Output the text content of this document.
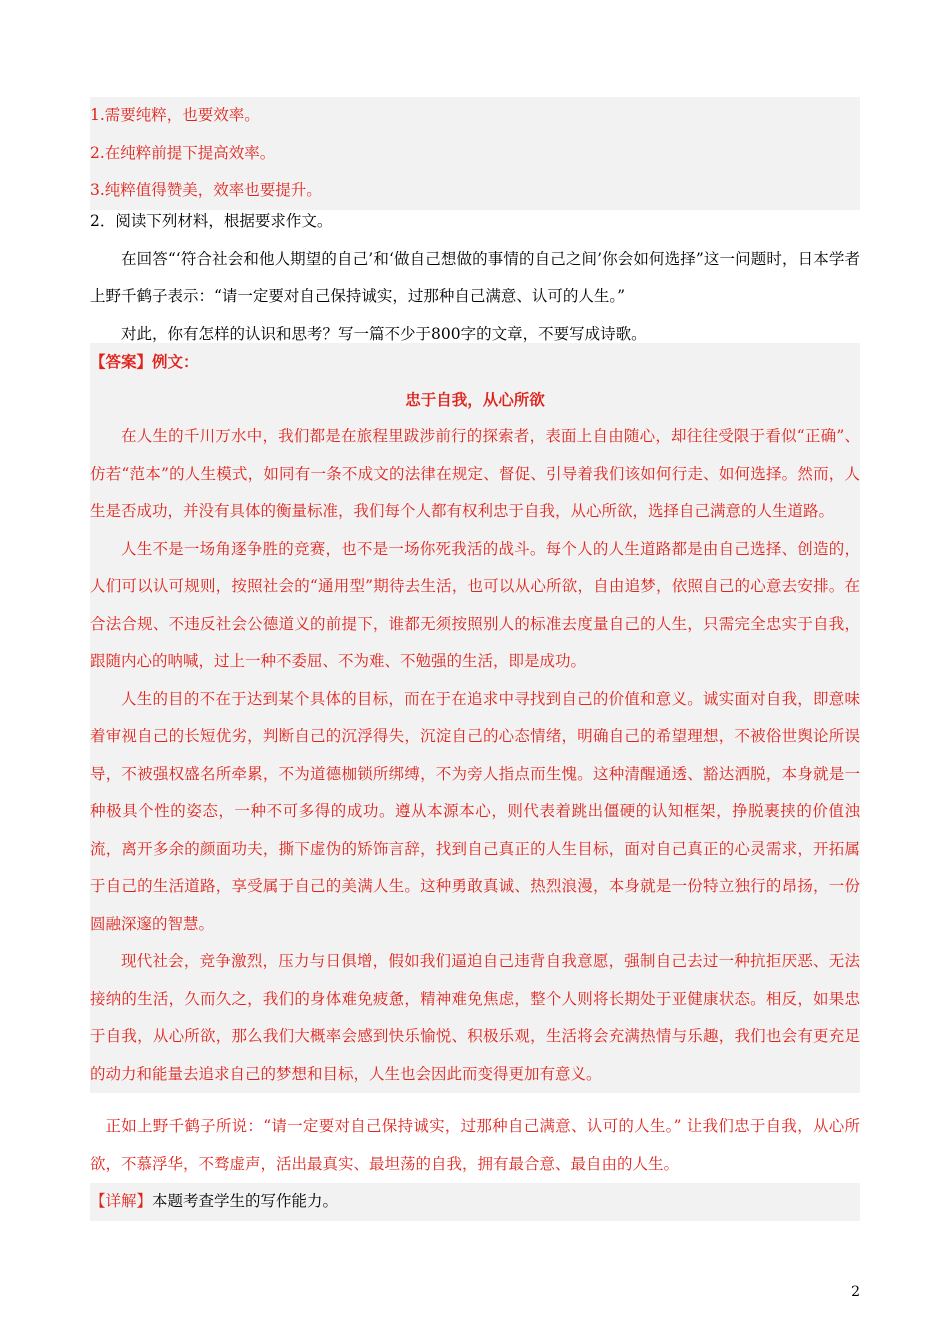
1.需要纯粹，也要效率。
2.在纯粹前提下提高效率。
3.纯粹值得赞美，效率也要提升。
2．阅读下列材料，根据要求作文。

在回答“‘符合社会和他人期望的自己’和‘做自己想做的事情的自己之间’你会如何选择”这一问题时，日本学者上野千鹤子表示：“请一定要对自己保持诚实，过那种自己满意、认可的人生。”

对此，你有怎样的认识和思考？写一篇不少于800字的文章，不要写成诗歌。

【答案】例文：
忠于自我，从心所欲

在人生的千川万水中，我们都是在旅程里跋涉前行的探索者，表面上自由随心，却往往受限于看似“正确”、仿若“范本”的人生模式，如同有一条不成文的法律在规定、督促、引导着我们该如何行走、如何选择。然而，人生是否成功，并没有具体的衡量标准，我们每个人都有权利忠于自我，从心所欲，选择自己满意的人生道路。

人生不是一场角逐争胜的竞赛，也不是一场你死我活的战斗。每个人的人生道路都是由自己选择、创造的，人们可以认可规则，按照社会的“通用型”期待去生活，也可以从心所欲，自由追梦，依照自己的心意去安排。在合法合规、不违反社会公德道义的前提下，谁都无须按照别人的标准去度量自己的人生，只需完全忠实于自我，跟随内心的呐喊，过上一种不委屈、不为难、不勉强的生活，即是成功。

人生的目的不在于达到某个具体的目标，而在于在追求中寻找到自己的价值和意义。诚实面对自我，即意味着审视自己的长短优劣，判断自己的沉浮得失，沉淀自己的心态情绪，明确自己的希望理想，不被俗世舆论所误导，不被强权盛名所牵累，不为道德枷锁所绑缚，不为旁人指点而生愧。这种清醒通透、豁达洒脱，本身就是一种极具个性的姿态，一种不可多得的成功。遵从本源本心，则代表着跳出僵硬的认知框架，挣脱裹挟的价值浊流，离开多余的颜面功夫，撕下虚伪的矫饰言辞，找到自己真正的人生目标，面对自己真正的心灵需求，开拓属于自己的生活道路，享受属于自己的美满人生。这种勇敢真诚、热烈浪漫，本身就是一份特立独行的昂扬，一份圆融深邃的智慧。

现代社会，竞争激烈，压力与日俱增，假如我们逼迫自己违背自我意愿，强制自己去过一种抗拒厌恶、无法接纳的生活，久而久之，我们的身体难免疲惫，精神难免焦虑，整个人则将长期处于亚健康状态。相反，如果忠于自我，从心所欲，那么我们大概率会感到快乐愉悦、积极乐观，生活将会充满热情与乐趣，我们也会有更充足的动力和能量去追求自己的梦想和目标，人生也会因此而变得更加有意义。

正如上野千鹤子所说：“请一定要对自己保持诚实，过那种自己满意、认可的人生。” 让我们忠于自我，从心所欲，不慕浮华，不骛虚声，活出最真实、最坦荡的自我，拥有最合意、最自由的人生。

【详解】本题考查学生的写作能力。
2
